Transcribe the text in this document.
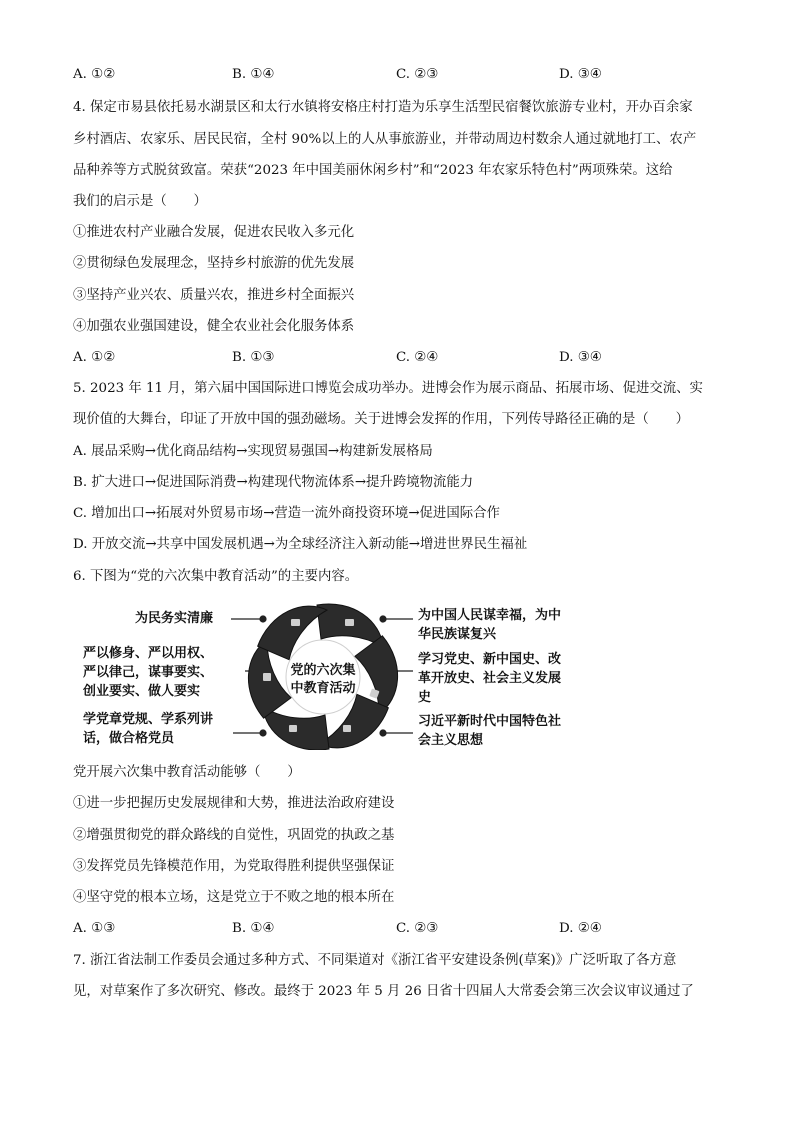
A. ①②	B. ①④	C. ②③	D. ③④
4. 保定市易县依托易水湖景区和太行水镇将安格庄村打造为乐享生活型民宿餐饮旅游专业村，开办百余家
乡村酒店、农家乐、居民民宿，全村 90%以上的人从事旅游业，并带动周边村数余人通过就地打工、农产
品种养等方式脱贫致富。荣获“2023 年中国美丽休闲乡村”和“2023 年农家乐特色村”两项殊荣。这给
我们的启示是（　　）
①推进农村产业融合发展，促进农民收入多元化
②贯彻绿色发展理念，坚持乡村旅游的优先发展
③坚持产业兴农、质量兴农，推进乡村全面振兴
④加强农业强国建设，健全农业社会化服务体系
A. ①②	B. ①③	C. ②④	D. ③④
5. 2023 年 11 月，第六届中国国际进口博览会成功举办。进博会作为展示商品、拓展市场、促进交流、实
现价值的大舞台，印证了开放中国的强劲磁场。关于进博会发挥的作用，下列传导路径正确的是（　　）
A. 展品采购→优化商品结构→实现贸易强国→构建新发展格局
B. 扩大进口→促进国际消费→构建现代物流体系→提升跨境物流能力
C. 增加出口→拓展对外贸易市场→营造一流外商投资环境→促进国际合作
D. 开放交流→共享中国发展机遇→为全球经济注入新动能→增进世界民生福祉
6. 下图为“党的六次集中教育活动”的主要内容。
党的六次集
中教育活动
为民务实清廉
严以修身、严以用权、
严以律己，谋事要实、
创业要实、做人要实
学党章党规、学系列讲
话，做合格党员
为中国人民谋幸福，为中
华民族谋复兴
学习党史、新中国史、改
革开放史、社会主义发展
史
习近平新时代中国特色社
会主义思想
党开展六次集中教育活动能够（　　）
①进一步把握历史发展规律和大势，推进法治政府建设
②增强贯彻党的群众路线的自觉性，巩固党的执政之基
③发挥党员先锋模范作用，为党取得胜利提供坚强保证
④坚守党的根本立场，这是党立于不败之地的根本所在
A. ①③	B. ①④	C. ②③	D. ②④
7. 浙江省法制工作委员会通过多种方式、不同渠道对《浙江省平安建设条例(草案)》广泛听取了各方意
见，对草案作了多次研究、修改。最终于 2023 年 5 月 26 日省十四届人大常委会第三次会议审议通过了
